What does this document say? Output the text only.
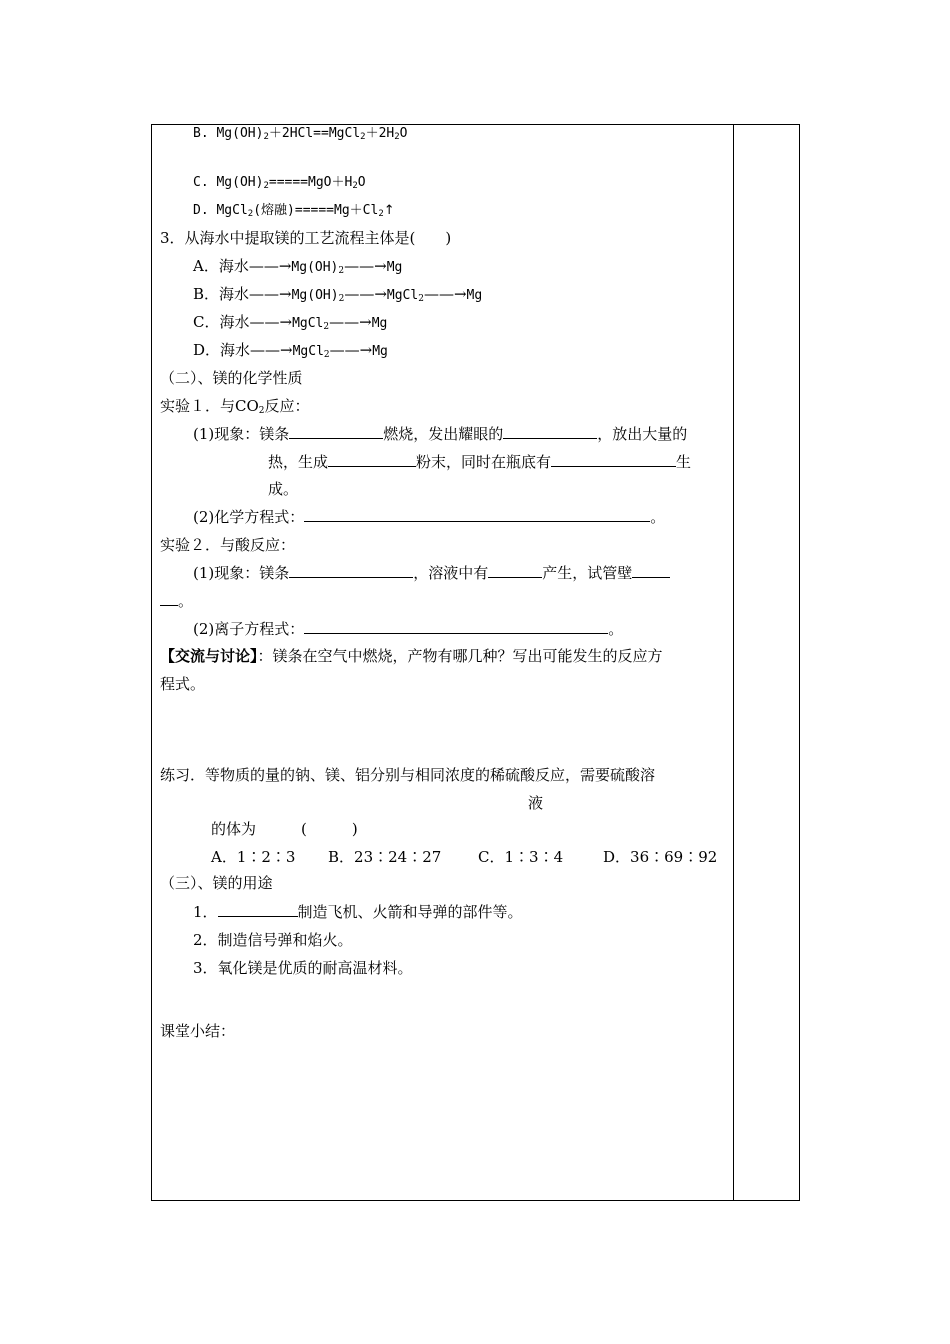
B. $Mg(OH)_2+2HCl==MgCl_2+2H_2O$
C. $Mg(OH)_2=====MgO+H_2O$
D. MgCl$_2$(熔融)$=====Mg+Cl_2↑$
3．从海水中提取镁的工艺流程主体是(　　)
A．海水$——\to Mg(OH)_2——\to Mg$
B．海水$——\to Mg(OH)_2——\to MgCl_2——\to Mg$
C．海水——→MgCl$_2$——→Mg
D．海水——→MgCl$_2$——→Mg
（二）、镁的化学性质
实验１．与$CO_2$反应：
(1)现象：镁条	燃烧，发出耀眼的	，放出大量的
热，生成	粉末，同时在瓶底有	生
成。
(2)化学方程式：	。
实验２．与酸反应：
(1)现象：镁条	，溶液中有	产生，试管壁
。
(2)离子方程式：	。
【交流与讨论】：镁条在空气中燃烧，产物有哪几种？写出可能发生的反应方
程式。
练习．等物质的量的钠、镁、铝分别与相同浓度的稀硫酸反应，需要硫酸溶
液
的体为　　　(　　　)
A．1∶2∶3 B．23∶24∶27 C．1∶3∶4	D．36∶69∶92
（三）、镁的用途
1．	制造飞机、火箭和导弹的部件等。
2．制造信号弹和焰火。
3．氧化镁是优质的耐高温材料。
课堂小结：
